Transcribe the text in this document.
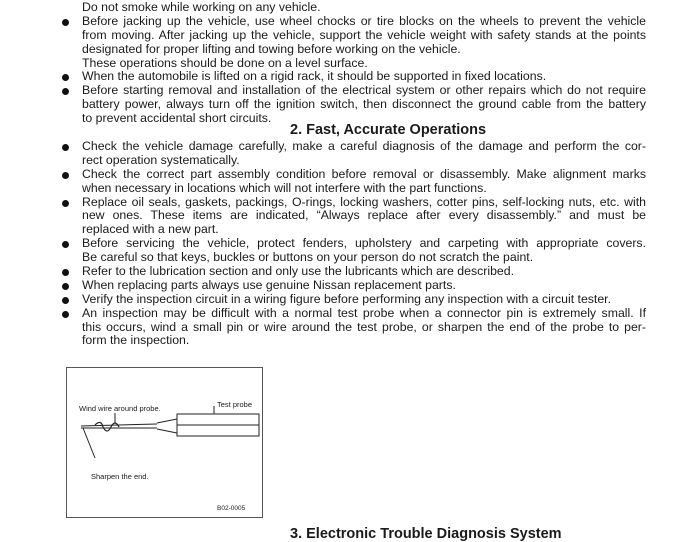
Do not smoke while working on any vehicle.
Before jacking up the vehicle, use wheel chocks or tire blocks on the wheels to prevent the vehicle
from moving. After jacking up the vehicle, support the vehicle weight with safety stands at the points
designated for proper lifting and towing before working on the vehicle.
These operations should be done on a level surface.
When the automobile is lifted on a rigid rack, it should be supported in fixed locations.
Before starting removal and installation of the electrical system or other repairs which do not require
battery power, always turn off the ignition switch, then disconnect the ground cable from the battery
to prevent accidental short circuits.
2. Fast, Accurate Operations
Check the vehicle damage carefully, make a careful diagnosis of the damage and perform the cor-
rect operation systematically.
Check the correct part assembly condition before removal or disassembly. Make alignment marks
when necessary in locations which will not interfere with the part functions.
Replace oil seals, gaskets, packings, O-rings, locking washers, cotter pins, self-locking nuts, etc. with
new ones. These items are indicated, “Always replace after every disassembly.” and must be
replaced with a new part.
Before servicing the vehicle, protect fenders, upholstery and carpeting with appropriate covers.
Be careful so that keys, buckles or buttons on your person do not scratch the paint.
Refer to the lubrication section and only use the lubricants which are described.
When replacing parts always use genuine Nissan replacement parts.
Verify the inspection circuit in a wiring figure before performing any inspection with a circuit tester.
An inspection may be difficult with a normal test probe when a connector pin is extremely small. If
this occurs, wind a small pin or wire around the test probe, or sharpen the end of the probe to per-
form the inspection.
Wind wire around probe.	Test probe
Sharpen the end.
B02-0005
3. Electronic Trouble Diagnosis System
